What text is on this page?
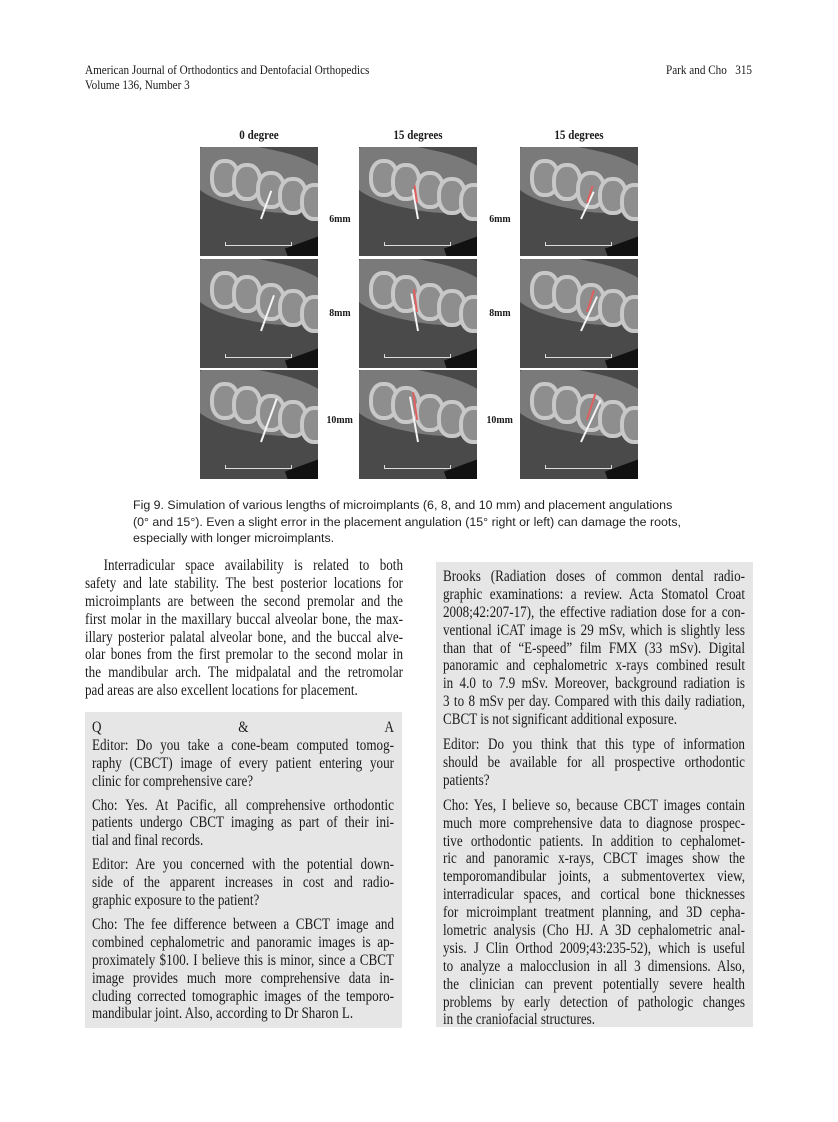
American Journal of Orthodontics and Dentofacial Orthopedics
Volume 136, Number 3
Park and Cho   315
0 degree	15 degrees	15 degrees
6mm
8mm
10mm
6mm
8mm
10mm
Fig 9. Simulation of various lengths of microimplants (6, 8, and 10 mm) and placement angulations
(0° and 15°). Even a slight error in the placement angulation (15° right or left) can damage the roots,
especially with longer microimplants.
Interradicular space availability is related to both
safety and late stability. The best posterior locations for
microimplants are between the second premolar and the
first molar in the maxillary buccal alveolar bone, the max-
illary posterior palatal alveolar bone, and the buccal alve-
olar bones from the first premolar to the second molar in
the mandibular arch. The midpalatal and the retromolar
pad areas are also excellent locations for placement.
Q & A
Editor: Do you take a cone-beam computed tomog-
raphy (CBCT) image of every patient entering your
clinic for comprehensive care?
Cho: Yes. At Pacific, all comprehensive orthodontic
patients undergo CBCT imaging as part of their ini-
tial and final records.
Editor: Are you concerned with the potential down-
side of the apparent increases in cost and radio-
graphic exposure to the patient?
Cho: The fee difference between a CBCT image and
combined cephalometric and panoramic images is ap-
proximately $100. I believe this is minor, since a CBCT
image provides much more comprehensive data in-
cluding corrected tomographic images of the temporo-
mandibular joint. Also, according to Dr Sharon L.
Brooks (Radiation doses of common dental radio-
graphic examinations: a review. Acta Stomatol Croat
2008;42:207-17), the effective radiation dose for a con-
ventional iCAT image is 29 mSv, which is slightly less
than that of “E-speed” film FMX (33 mSv). Digital
panoramic and cephalometric x-rays combined result
in 4.0 to 7.9 mSv. Moreover, background radiation is
3 to 8 mSv per day. Compared with this daily radiation,
CBCT is not significant additional exposure.
Editor: Do you think that this type of information
should be available for all prospective orthodontic
patients?
Cho: Yes, I believe so, because CBCT images contain
much more comprehensive data to diagnose prospec-
tive orthodontic patients. In addition to cephalomet-
ric and panoramic x-rays, CBCT images show the
temporomandibular joints, a submentovertex view,
interradicular spaces, and cortical bone thicknesses
for microimplant treatment planning, and 3D cepha-
lometric analysis (Cho HJ. A 3D cephalometric anal-
ysis. J Clin Orthod 2009;43:235-52), which is useful
to analyze a malocclusion in all 3 dimensions. Also,
the clinician can prevent potentially severe health
problems by early detection of pathologic changes
in the craniofacial structures.
